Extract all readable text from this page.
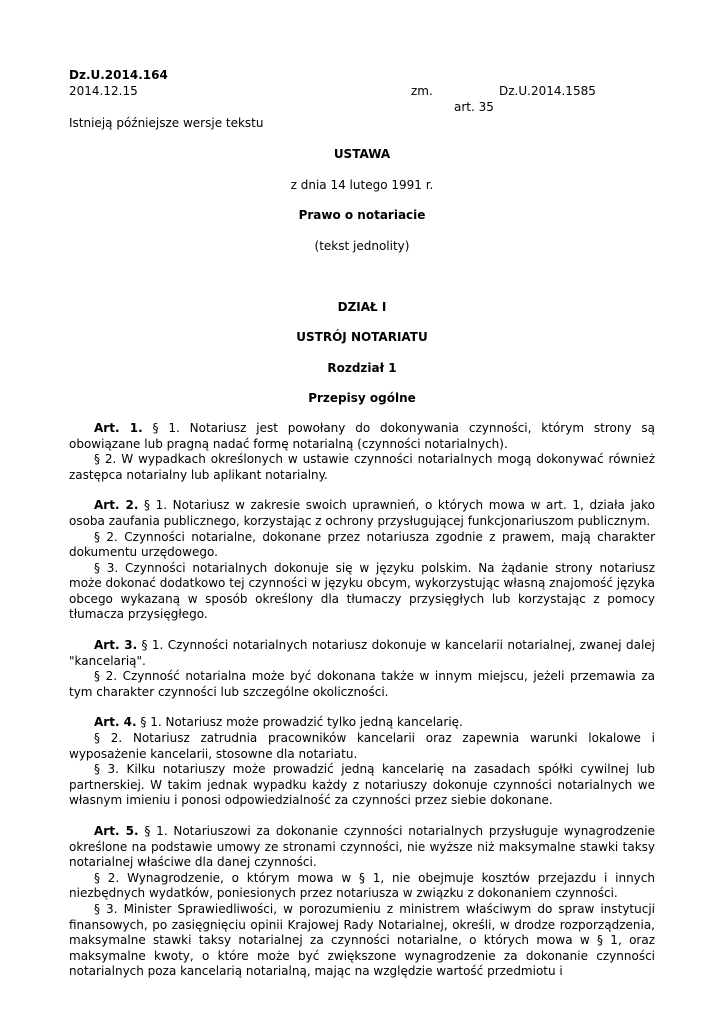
Dz.U.2014.164
2014.12.15	zm.	Dz.U.2014.1585
art. 35
Istnieją późniejsze wersje tekstu
USTAWA
z dnia 14 lutego 1991 r.
Prawo o notariacie
(tekst jednolity)
DZIAŁ I
USTRÓJ NOTARIATU
Rozdział 1
Przepisy ogólne

Art. 1. § 1. Notariusz jest powołany do dokonywania czynności, którym strony są obowiązane lub pragną nadać formę notarialną (czynności notarialnych).

§ 2. W wypadkach określonych w ustawie czynności notarialnych mogą dokonywać również zastępca notarialny lub aplikant notarialny.

Art. 2. § 1. Notariusz w zakresie swoich uprawnień, o których mowa w art. 1, działa jako osoba zaufania publicznego, korzystając z ochrony przysługującej funkcjonariuszom publicznym.

§ 2. Czynności notarialne, dokonane przez notariusza zgodnie z prawem, mają charakter dokumentu urzędowego.

§ 3. Czynności notarialnych dokonuje się w języku polskim. Na żądanie strony notariusz może dokonać dodatkowo tej czynności w języku obcym, wykorzystując własną znajomość języka obcego wykazaną w sposób określony dla tłumaczy przysięgłych lub korzystając z pomocy tłumacza przysięgłego.

Art. 3. § 1. Czynności notarialnych notariusz dokonuje w kancelarii notarialnej, zwanej dalej "kancelarią".

§ 2. Czynność notarialna może być dokonana także w innym miejscu, jeżeli przemawia za tym charakter czynności lub szczególne okoliczności.

Art. 4. § 1. Notariusz może prowadzić tylko jedną kancelarię.

§ 2. Notariusz zatrudnia pracowników kancelarii oraz zapewnia warunki lokalowe i wyposażenie kancelarii, stosowne dla notariatu.

§ 3. Kilku notariuszy może prowadzić jedną kancelarię na zasadach spółki cywilnej lub partnerskiej. W takim jednak wypadku każdy z notariuszy dokonuje czynności notarialnych we własnym imieniu i ponosi odpowiedzialność za czynności przez siebie dokonane.

Art. 5. § 1. Notariuszowi za dokonanie czynności notarialnych przysługuje wynagrodzenie określone na podstawie umowy ze stronami czynności, nie wyższe niż maksymalne stawki taksy notarialnej właściwe dla danej czynności.

§ 2. Wynagrodzenie, o którym mowa w § 1, nie obejmuje kosztów przejazdu i innych niezbędnych wydatków, poniesionych przez notariusza w związku z dokonaniem czynności.

§ 3. Minister Sprawiedliwości, w porozumieniu z ministrem właściwym do spraw instytucji finansowych, po zasięgnięciu opinii Krajowej Rady Notarialnej, określi, w drodze rozporządzenia, maksymalne stawki taksy notarialnej za czynności notarialne, o których mowa w § 1, oraz maksymalne kwoty, o które może być zwiększone wynagrodzenie za dokonanie czynności notarialnych poza kancelarią notarialną, mając na względzie wartość przedmiotu i
